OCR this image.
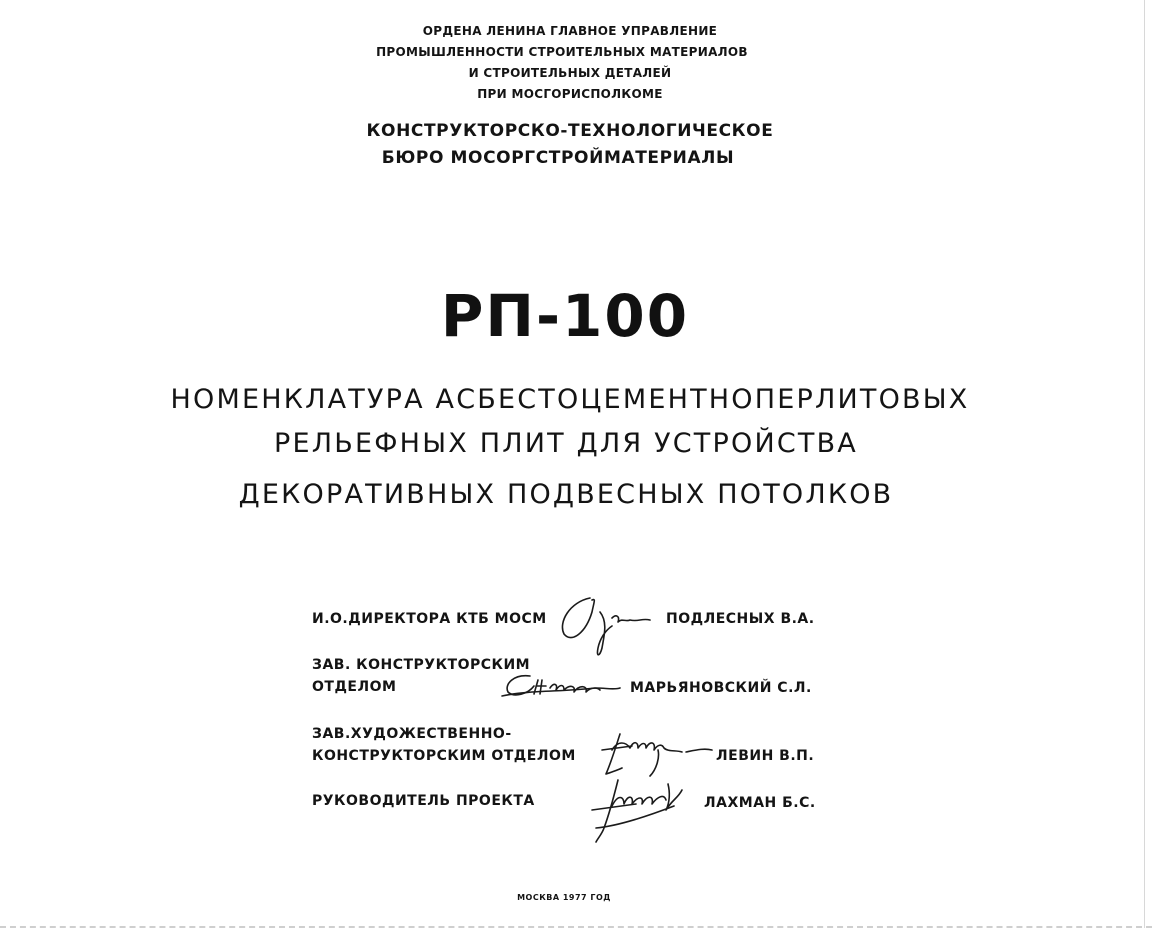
ОРДЕНА ЛЕНИНА ГЛАВНОЕ УПРАВЛЕНИЕ
ПРОМЫШЛЕННОСТИ СТРОИТЕЛЬНЫХ МАТЕРИАЛОВ
И СТРОИТЕЛЬНЫХ ДЕТАЛЕЙ
ПРИ МОСГОРИСПОЛКОМЕ
КОНСТРУКТОРСКО-ТЕХНОЛОГИЧЕСКОЕ
БЮРО МОСОРГСТРОЙМАТЕРИАЛЫ
РП-100
НОМЕНКЛАТУРА АСБЕСТОЦЕМЕНТНОПЕРЛИТОВЫХ
РЕЛЬЕФНЫХ ПЛИТ ДЛЯ УСТРОЙСТВА
ДЕКОРАТИВНЫХ ПОДВЕСНЫХ ПОТОЛКОВ
И.О.ДИРЕКТОРА КТБ МОСМ	ПОДЛЕСНЫХ В.А.
ЗАВ. КОНСТРУКТОРСКИМ
ОТДЕЛОМ	МАРЬЯНОВСКИЙ С.Л.
ЗАВ.ХУДОЖЕСТВЕННО-
КОНСТРУКТОРСКИМ ОТДЕЛОМ	ЛЕВИН В.П.
РУКОВОДИТЕЛЬ ПРОЕКТА	ЛАХМАН Б.С.
МОСКВА 1977 ГОД
